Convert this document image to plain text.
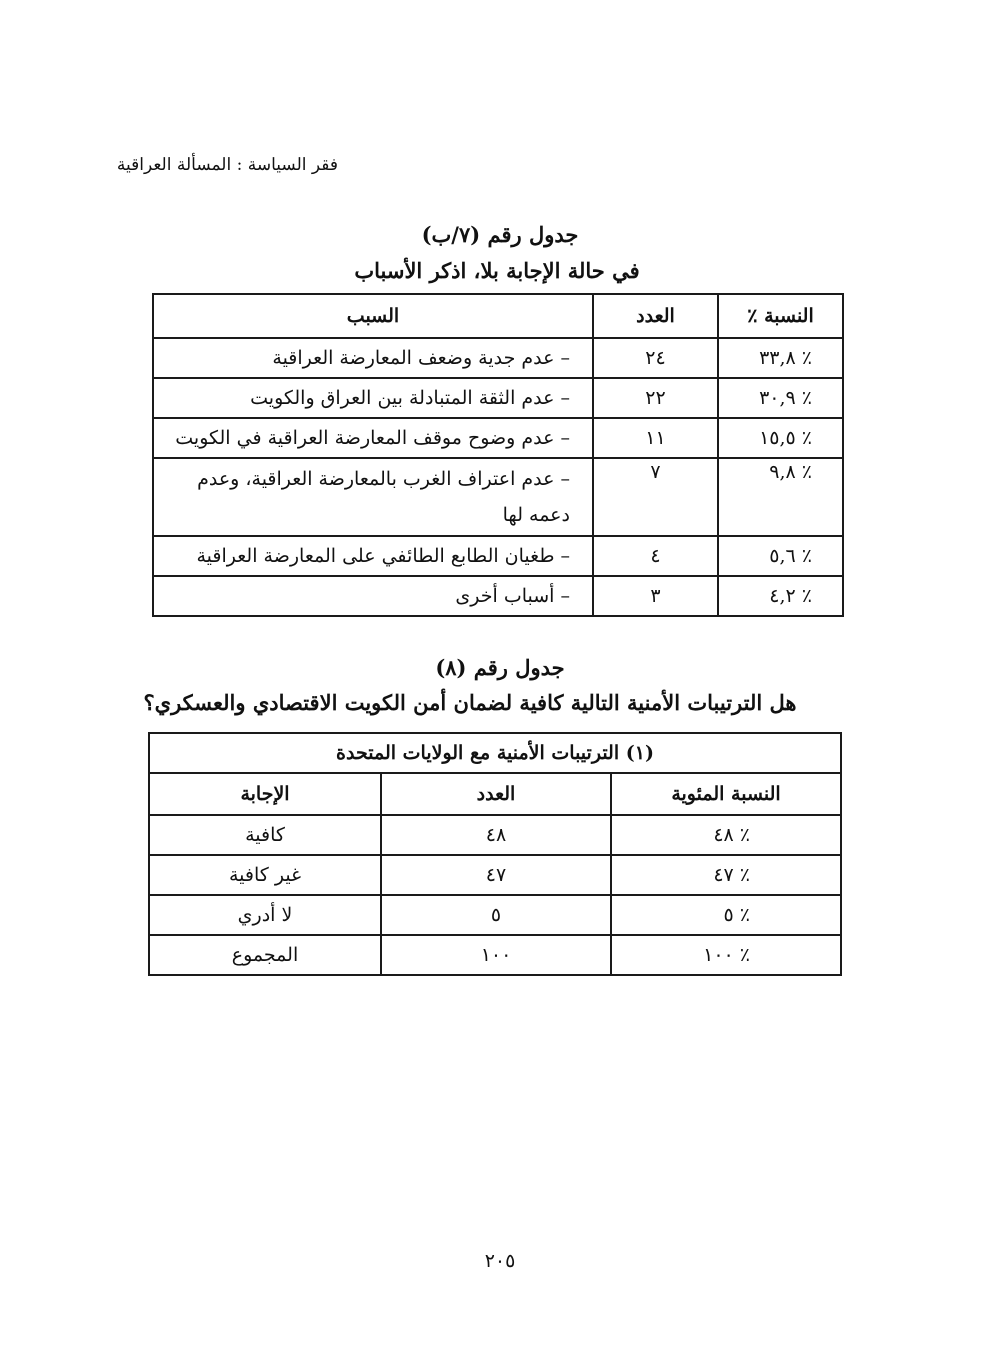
فقر السياسة : المسألة العراقية
جدول رقم (٧/ب)
في حالة الإجابة بلا، اذكر الأسباب
النسبة ٪	العدد	السبب
٪ ٣٣,٨	٢٤	– عدم جدية وضعف المعارضة العراقية
٪ ٣٠,٩	٢٢	– عدم الثقة المتبادلة بين العراق والكويت
٪ ١٥,٥	١١	– عدم وضوح موقف المعارضة العراقية في الكويت
٪ ٩,٨	٧	– عدم اعتراف الغرب بالمعارضة العراقية، وعدم دعمه لها
٪ ٥,٦	٤	– طغيان الطابع الطائفي على المعارضة العراقية
٪ ٤,٢	٣	– أسباب أخرى
جدول رقم (٨)
هل الترتيبات الأمنية التالية كافية لضمان أمن الكويت الاقتصادي والعسكري؟
(١) الترتيبات الأمنية مع الولايات المتحدة		
النسبة المئوية	العدد	الإجابة
٪ ٤٨	٤٨	كافية
٪ ٤٧	٤٧	غير كافية
٪ ٥	٥	لا أدري
٪ ١٠٠	١٠٠	المجموع
٢٠٥
